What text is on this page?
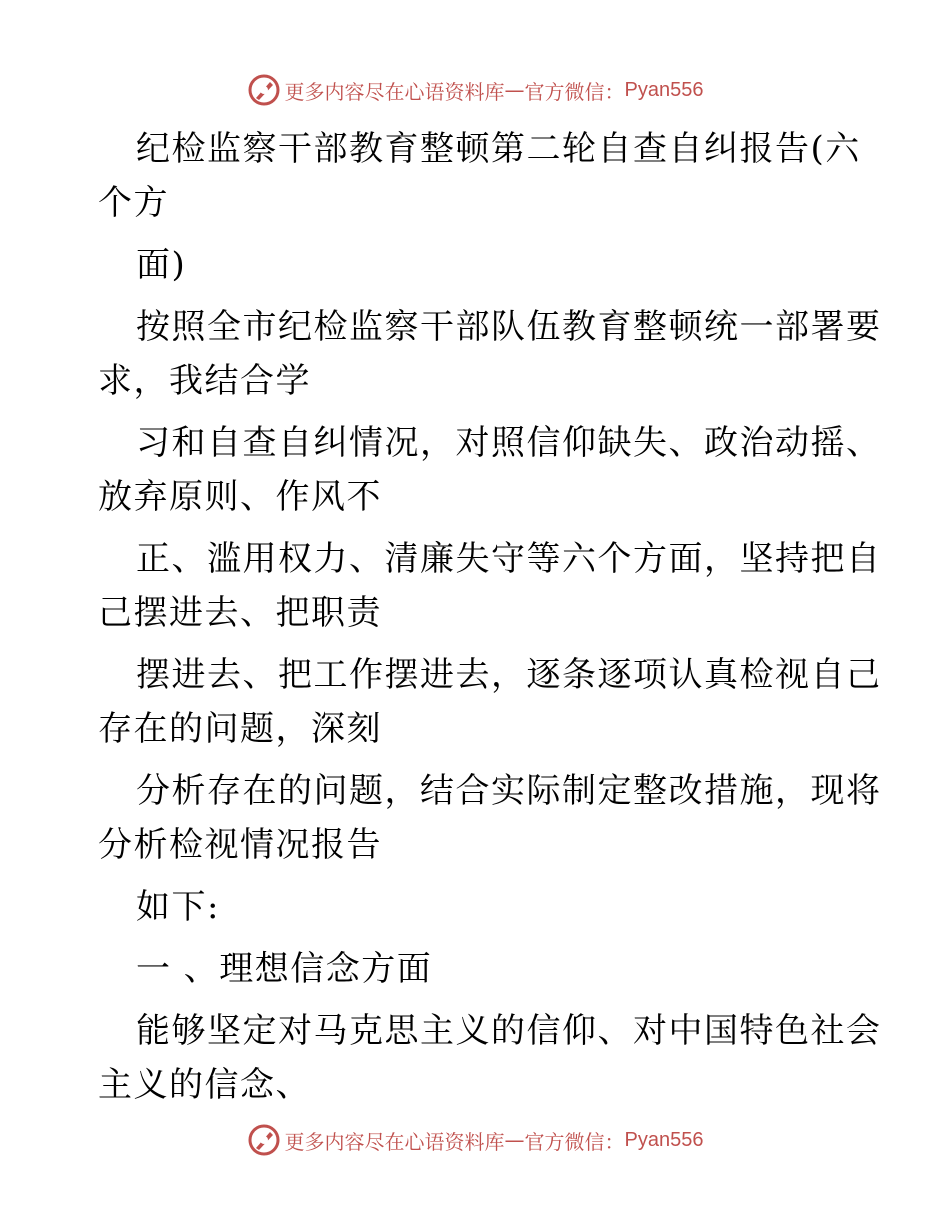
更多内容尽在心语资料库 — 官方微信： Pyan556

纪检监察干部教育整顿第二轮自查自纠报告(六
个方

面)

按照全市纪检监察干部队伍教育整顿统一部署要
求，我结合学

习和自查自纠情况，对照信仰缺失、政治动摇、
放弃原则、作风不

正、滥用权力、清廉失守等六个方面，坚持把自
己摆进去、把职责

摆进去、把工作摆进去，逐条逐项认真检视自己
存在的问题，深刻

分析存在的问题，结合实际制定整改措施，现将
分析检视情况报告

如下:

一 、理想信念方面

能够坚定对马克思主义的信仰、对中国特色社会
主义的信念、

更多内容尽在心语资料库 — 官方微信： Pyan556
